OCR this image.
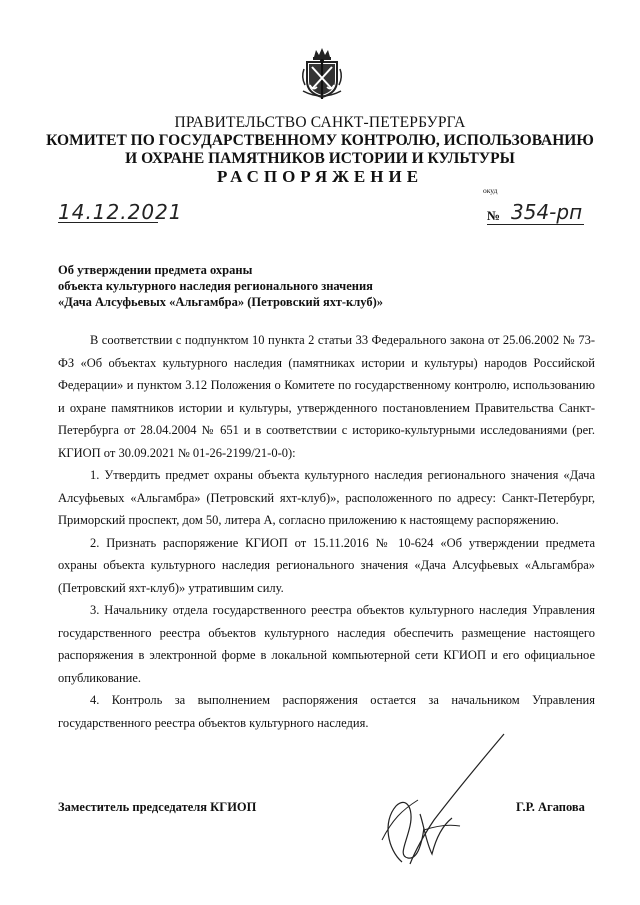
ПРАВИТЕЛЬСТВО САНКТ-ПЕТЕРБУРГА
КОМИТЕТ ПО ГОСУДАРСТВЕННОМУ КОНТРОЛЮ, ИСПОЛЬЗОВАНИЮ
И ОХРАНЕ ПАМЯТНИКОВ ИСТОРИИ И КУЛЬТУРЫ
РАСПОРЯЖЕНИЕ
окуд
14.12.2021	№ 354-рп
Об утверждении предмета охраны
объекта культурного наследия регионального значения
«Дача Алсуфьевых «Альгамбра» (Петровский яхт-клуб)»

В соответствии с подпунктом 10 пункта 2 статьи 33 Федерального закона от 25.06.2002 № 73-ФЗ «Об объектах культурного наследия (памятниках истории и культуры) народов Российской Федерации» и пунктом 3.12 Положения о Комитете по государственному контролю, использованию и охране памятников истории и культуры, утвержденного постановлением Правительства Санкт-Петербурга от 28.04.2004 № 651 и в соответствии с историко-культурными исследованиями (рег. КГИОП от 30.09.2021 № 01-26-2199/21-0-0):

1. Утвердить предмет охраны объекта культурного наследия регионального значения «Дача Алсуфьевых «Альгамбра» (Петровский яхт-клуб)», расположенного по адресу: Санкт-Петербург, Приморский проспект, дом 50, литера А, согласно приложению к настоящему распоряжению.

2. Признать распоряжение КГИОП от 15.11.2016 № 10-624 «Об утверждении предмета охраны объекта культурного наследия регионального значения «Дача Алсуфьевых «Альгамбра» (Петровский яхт-клуб)» утратившим силу.

3. Начальнику отдела государственного реестра объектов культурного наследия Управления государственного реестра объектов культурного наследия обеспечить размещение настоящего распоряжения в электронной форме в локальной компьютерной сети КГИОП и его официальное опубликование.

4. Контроль за выполнением распоряжения остается за начальником Управления государственного реестра объектов культурного наследия.

Заместитель председателя КГИОП	Г.Р. Агапова
